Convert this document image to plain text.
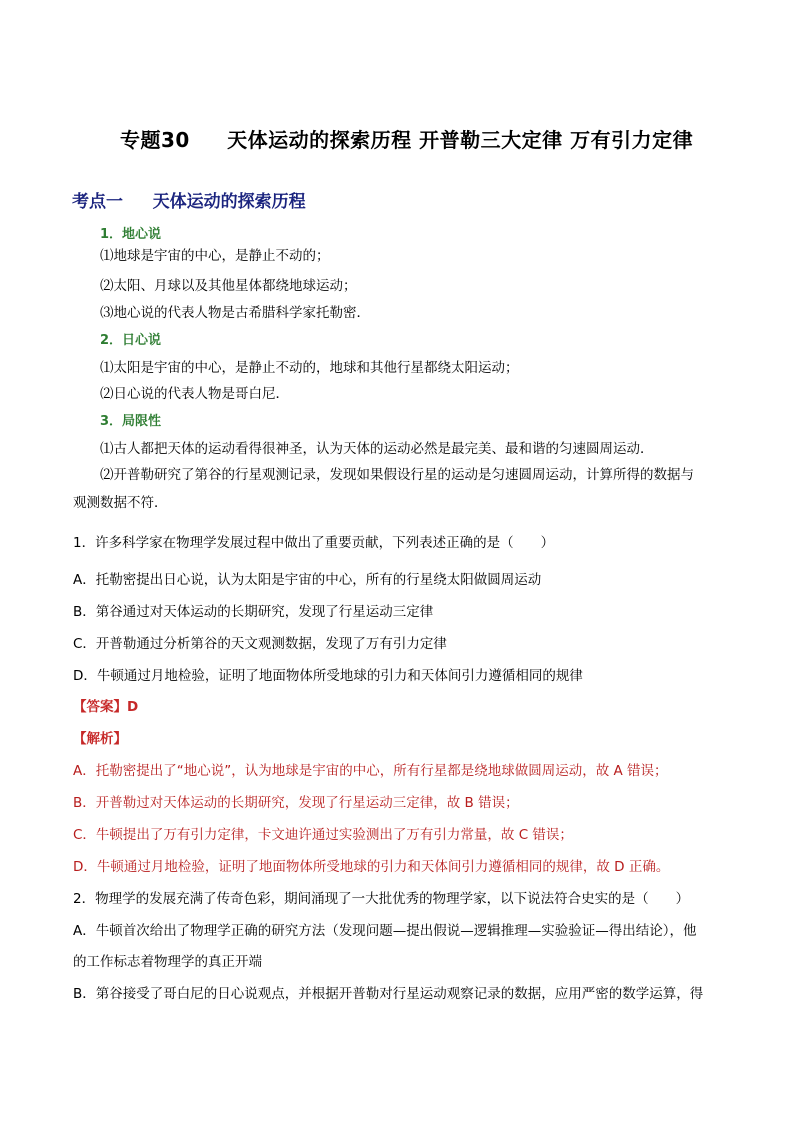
专题30     天体运动的探索历程 开普勒三大定律 万有引力定律
考点一     天体运动的探索历程
1．地心说
⑴地球是宇宙的中心，是静止不动的；
⑵太阳、月球以及其他星体都绕地球运动；
⑶地心说的代表人物是古希腊科学家托勒密．
2．日心说
⑴太阳是宇宙的中心，是静止不动的，地球和其他行星都绕太阳运动；
⑵日心说的代表人物是哥白尼．
3．局限性
⑴古人都把天体的运动看得很神圣，认为天体的运动必然是最完美、最和谐的匀速圆周运动．
⑵开普勒研究了第谷的行星观测记录，发现如果假设行星的运动是匀速圆周运动，计算所得的数据与
观测数据不符．
1．许多科学家在物理学发展过程中做出了重要贡献，下列表述正确的是（　　）
A．托勒密提出日心说，认为太阳是宇宙的中心，所有的行星绕太阳做圆周运动
B．第谷通过对天体运动的长期研究，发现了行星运动三定律
C．开普勒通过分析第谷的天文观测数据，发现了万有引力定律
D．牛顿通过月地检验，证明了地面物体所受地球的引力和天体间引力遵循相同的规律
【答案】D
【解析】
A．托勒密提出了“地心说”，认为地球是宇宙的中心，所有行星都是绕地球做圆周运动，故 A 错误；
B．开普勒过对天体运动的长期研究，发现了行星运动三定律，故 B 错误；
C．牛顿提出了万有引力定律，卡文迪许通过实验测出了万有引力常量，故 C 错误；
D．牛顿通过月地检验，证明了地面物体所受地球的引力和天体间引力遵循相同的规律，故 D 正确。
2．物理学的发展充满了传奇色彩，期间涌现了一大批优秀的物理学家，以下说法符合史实的是（　　）
A．牛顿首次给出了物理学正确的研究方法（发现问题—提出假说—逻辑推理—实验验证—得出结论），他
的工作标志着物理学的真正开端
B．第谷接受了哥白尼的日心说观点，并根据开普勒对行星运动观察记录的数据，应用严密的数学运算，得
